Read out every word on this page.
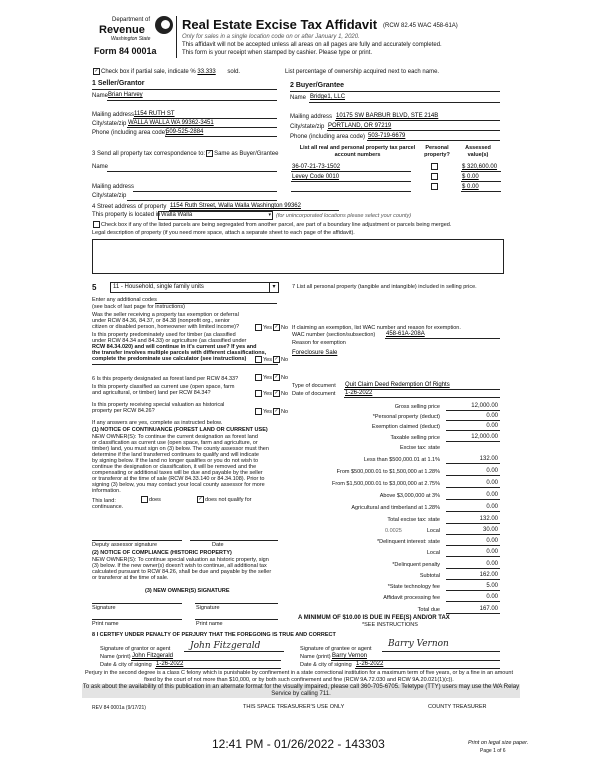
Department of
Revenue
Washington State
Form 84 0001a
Real Estate Excise Tax Affidavit (RCW 82.45 WAC 458-61A)
Only for sales in a single location code on or after January 1, 2020.
This affidavit will not be accepted unless all areas on all pages are fully and accurately completed.
This form is your receipt when stamped by cashier. Please type or print.
✓ Check box if partial sale, indicate % 33.333 sold.	List percentage of ownership acquired next to each name.
1 Seller/Grantor
Name Brian Harvey
Mailing address 1154 RUTH ST
City/state/zip WALLA WALLA WA 99362-3451
Phone (including area code)
509-525-2884
2 Buyer/Grantee
Name Bridge1, LLC
Mailing address 10175 SW BARBUR BLVD, STE 214B
City/state/zip PORTLAND, OR 97219
Phone (including area code) 503-719-6679
3 Send all property tax correspondence to: ✓ Same as Buyer/Grantee
Name
Mailing address
City/state/zip
List all real and personal property tax parcel account numbers
Personal property?
Assessed value(s)
36-07-21-73-1502	$ 320,600.00
Levey Code 0010	$ 0.00
$ 0.00
4 Street address of property 1154 Ruth Street, Walla Walla Washington 99362
This property is located in Walla Walla	▾ (for unincorporated locations please select your county)
Check box if any of the listed parcels are being segregated from another parcel, are part of a boundary line adjustment or parcels being merged.
Legal description of property (if you need more space, attach a separate sheet to each page of the affidavit).
5	11 - Household, single family units	▾
Enter any additional codes
(see back of last page for instructions)
Was the seller receiving a property tax exemption or deferral
under RCW 84.36, 84.37, or 84.38 (nonprofit org., senior
citizen or disabled person, homeowner with limited income)?	Yes ✓ No
Is this property predominately used for timber (as classified
under RCW 84.34 and 84.33) or agriculture (as classified under
RCW 84.34.020) and will continue in it's current use? If yes and
the transfer involves multiple parcels with different classifications,
complete the predominate use calculator (see instructions)	Yes ✓ No
6 Is this property designated as forest land per RCW 84.33?	Yes ✓ No
Is this property classified as current use (open space, farm
and agricultural, or timber) land per RCW 84.34?	Yes ✓ No
Is this property receiving special valuation as historical
property per RCW 84.26?	Yes ✓ No
If any answers are yes, complete as instructed below.
(1) NOTICE OF CONTINUANCE (FOREST LAND OR CURRENT USE)
NEW OWNER(S): To continue the current designation as forest land
or classification as current use (open space, farm and agriculture, or
timber) land, you must sign on (3) below. The county assessor must then
determine if the land transferred continues to qualify and will indicate
by signing below. If the land no longer qualifies or you do not wish to
continue the designation or classification, it will be removed and the
compensating or additional taxes will be due and payable by the seller
or transferor at the time of sale (RCW 84.33.140 or 84.34.108). Prior to
signing (3) below, you may contact your local county assessor for more
information.
This land:	does	✓ does not qualify for
continuance.
Deputy assessor signature	Date
(2) NOTICE OF COMPLIANCE (HISTORIC PROPERTY)
NEW OWNER(S): To continue special valuation as historic property, sign
(3) below. If the new owner(s) doesn't wish to continue, all additional tax
calculated pursuant to RCW 84.26, shall be due and payable by the seller
or transferor at the time of sale.
(3) NEW OWNER(S) SIGNATURE
Signature	Signature
Print name	Print name
7 List all personal property (tangible and intangible) included in selling price.
If claiming an exemption, list WAC number and reason for exemption.
WAC number (section/subsection) 458-61A-208A
Reason for exemption
Foreclosure Sale
Type of document Quit Claim Deed Redemption Of Rights
Date of document 1-26-2022
Gross selling price	12,000.00
*Personal property (deduct)	0.00
Exemption claimed (deduct)	0.00
Taxable selling price	12,000.00
Excise tax: state
Less than $500,000.01 at 1.1%	132.00
From $500,000.01 to $1,500,000 at 1.28%	0.00
From $1,500,000.01 to $3,000,000 at 2.75%	0.00
Above $3,000,000 at 3%	0.00
Agricultural and timberland at 1.28%	0.00
Total excise tax: state	132.00
0.0025	Local	30.00
*Delinquent interest: state	0.00
Local	0.00
*Delinquent penalty	0.00
Subtotal	162.00
*State technology fee	5.00
Affidavit processing fee	0.00
Total due	167.00
A MINIMUM OF $10.00 IS DUE IN FEE(S) AND/OR TAX
*SEE INSTRUCTIONS
8 I CERTIFY UNDER PENALTY OF PERJURY THAT THE FOREGOING IS TRUE AND CORRECT
Signature of grantor or agent John Fitzgerald
Name (print) John Fitzgerald
Date & city of signing 1-26-2022
Signature of grantee or agent Barry Vernon
Name (print) Barry Vernon
Date & city of signing 1-26-2022
Perjury in the second degree is a class C felony which is punishable by confinement in a state correctional institution for a maximum term of five years, or by a fine in an amount fixed by the court of not more than $10,000, or by both such confinement and fine (RCW 9A.72.030 and RCW 9A.20.021(1)(c)).
To ask about the availability of this publication in an alternate format for the visually impaired, please call 360-705-6705. Teletype (TTY) users may use the WA Relay Service by calling 711.
REV 84 0001a (9/17/21)	THIS SPACE TREASURER'S USE ONLY	COUNTY TREASURER
12:41 PM - 01/26/2022 - 143303	Print on legal size paper.
Page 1 of 6
